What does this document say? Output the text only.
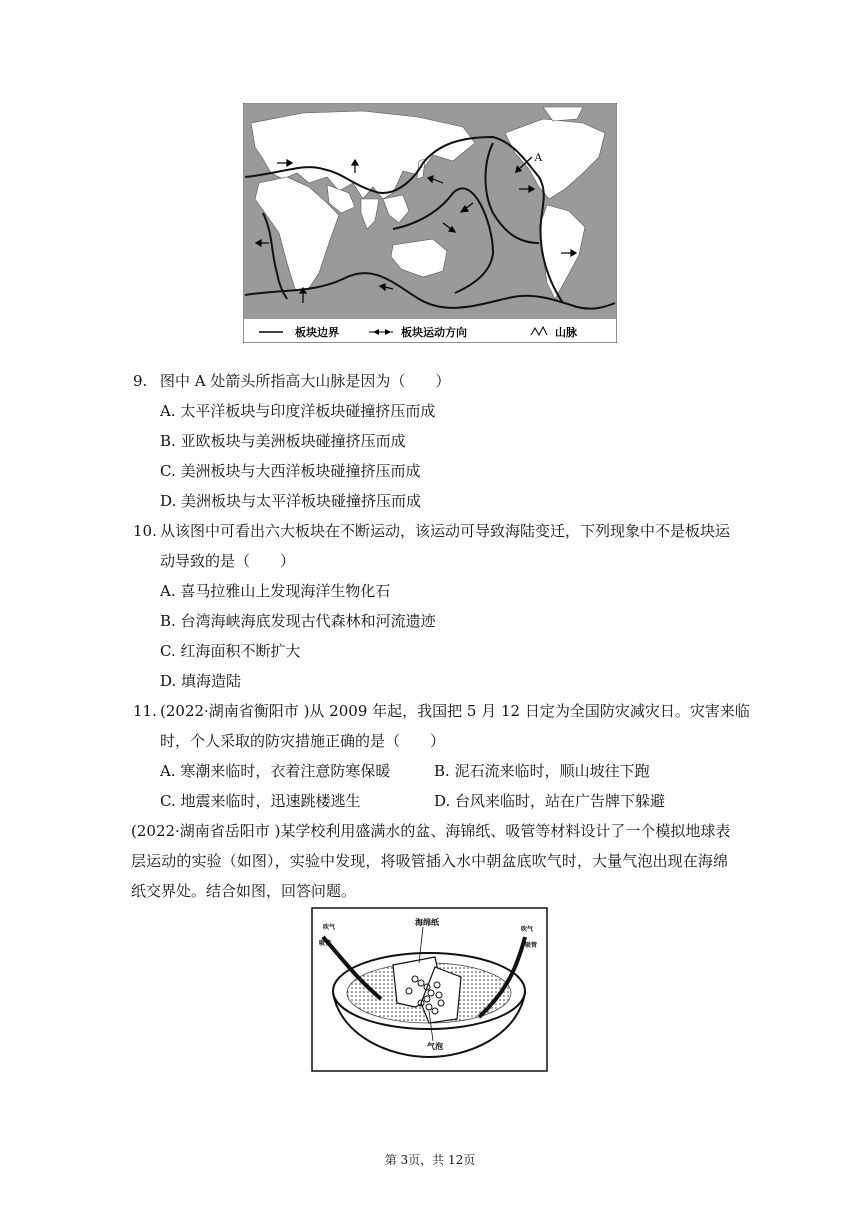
A
板块边界	板块运动方向	山脉
9. 图中 A 处箭头所指高大山脉是因为（　　）
A. 太平洋板块与印度洋板块碰撞挤压而成
B. 亚欧板块与美洲板块碰撞挤压而成
C. 美洲板块与大西洋板块碰撞挤压而成
D. 美洲板块与太平洋板块碰撞挤压而成
10. 从该图中可看出六大板块在不断运动，该运动可导致海陆变迁，下列现象中不是板块运
动导致的是（　　）
A. 喜马拉雅山上发现海洋生物化石
B. 台湾海峡海底发现古代森林和河流遗迹
C. 红海面积不断扩大
D. 填海造陆
11. (2022·湖南省衡阳市 )从 2009 年起，我国把 5 月 12 日定为全国防灾减灾日。灾害来临
时，个人采取的防灾措施正确的是（　　）
A. 寒潮来临时，衣着注意防寒保暖	B. 泥石流来临时，顺山坡往下跑
C. 地震来临时，迅速跳楼逃生	D. 台风来临时，站在广告牌下躲避
(2022·湖南省岳阳市 )某学校利用盛满水的盆、海锦纸、吸管等材料设计了一个模拟地球表
层运动的实验（如图），实验中发现，将吸管插入水中朝盆底吹气时，大量气泡出现在海绵
纸交界处。结合如图，回答问题。
吹气
吸管
吹气
吸管
海绵纸
气泡
第 3页，共 12页
